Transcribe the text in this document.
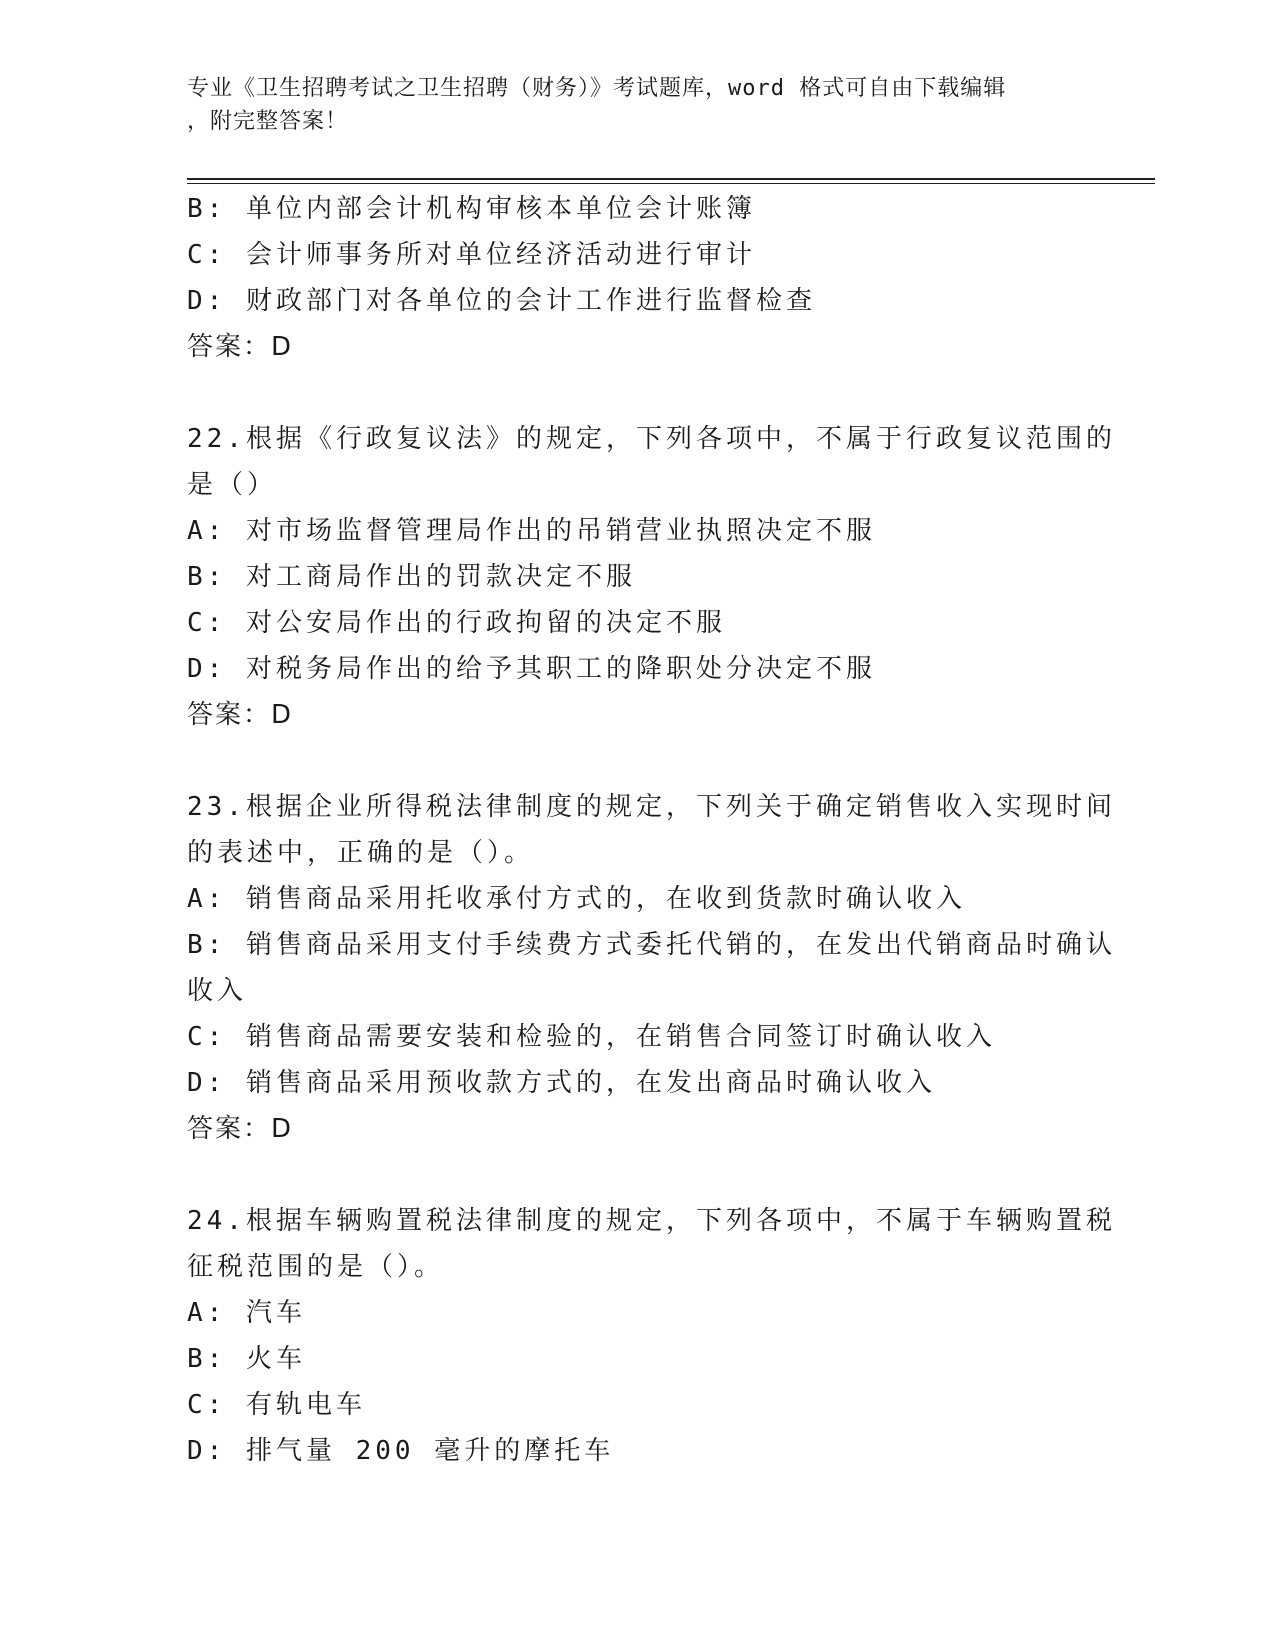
专业《卫生招聘考试之卫生招聘（财务）》考试题库，word 格式可自由下载编辑
，附完整答案！
B: 单位内部会计机构审核本单位会计账簿
C: 会计师事务所对单位经济活动进行审计
D: 财政部门对各单位的会计工作进行监督检查
答案：D
22.根据《行政复议法》的规定，下列各项中，不属于行政复议范围的
是（）
A: 对市场监督管理局作出的吊销营业执照决定不服
B: 对工商局作出的罚款决定不服
C: 对公安局作出的行政拘留的决定不服
D: 对税务局作出的给予其职工的降职处分决定不服
答案：D
23.根据企业所得税法律制度的规定，下列关于确定销售收入实现时间
的表述中，正确的是（）。
A: 销售商品采用托收承付方式的，在收到货款时确认收入
B: 销售商品采用支付手续费方式委托代销的，在发出代销商品时确认
收入
C: 销售商品需要安装和检验的，在销售合同签订时确认收入
D: 销售商品采用预收款方式的，在发出商品时确认收入
答案：D
24.根据车辆购置税法律制度的规定，下列各项中，不属于车辆购置税
征税范围的是（）。
A: 汽车
B: 火车
C: 有轨电车
D: 排气量 200 毫升的摩托车
